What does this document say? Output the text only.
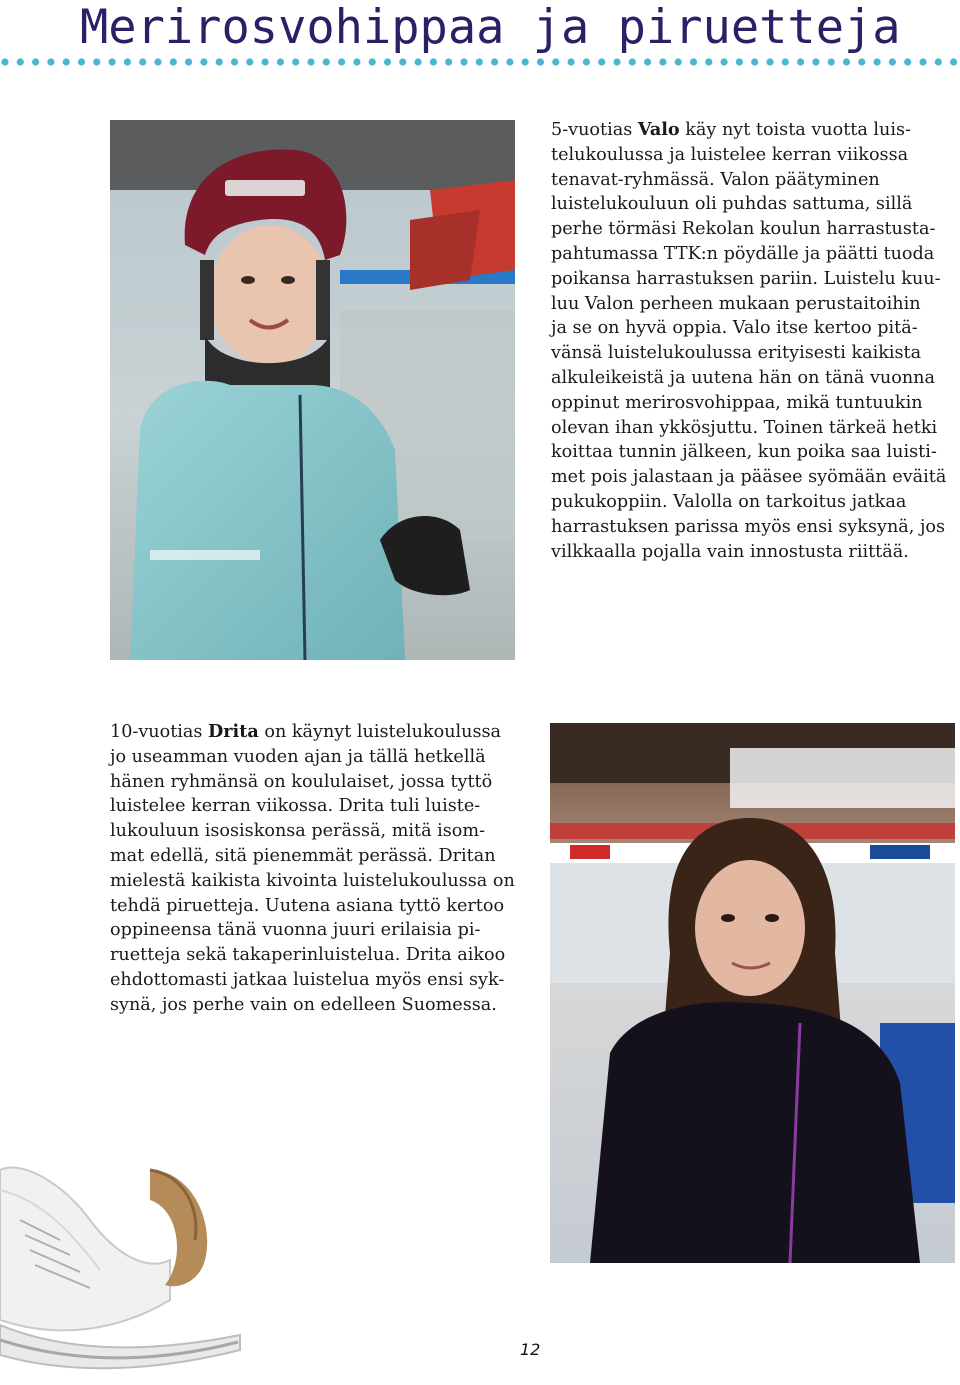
Merirosvohippaa ja piruetteja
5-vuotias Valo käy nyt toista vuotta luis-
telukoulussa ja luistelee kerran viikossa
tenavat-ryhmässä. Valon päätyminen
luistelukouluun oli puhdas sattuma, sillä
perhe törmäsi Rekolan koulun harrastusta-
pahtumassa TTK:n pöydälle ja päätti tuoda
poikansa harrastuksen pariin. Luistelu kuu-
luu Valon perheen mukaan perustaitoihin
ja se on hyvä oppia. Valo itse kertoo pitä-
vänsä luistelukoulussa erityisesti kaikista
alkuleikeistä ja uutena hän on tänä vuonna
oppinut merirosvohippaa, mikä tuntuukin
olevan ihan ykkösjuttu. Toinen tärkeä hetki
koittaa tunnin jälkeen, kun poika saa luisti-
met pois jalastaan ja pääsee syömään eväitä
pukukoppiin. Valolla on tarkoitus jatkaa
harrastuksen parissa myös ensi syksynä, jos
vilkkaalla pojalla vain innostusta riittää.
10-vuotias Drita on käynyt luistelukoulussa
jo useamman vuoden ajan ja tällä hetkellä
hänen ryhmänsä on koululaiset, jossa tyttö
luistelee kerran viikossa. Drita tuli luiste-
lukouluun isosiskonsa perässä, mitä isom-
mat edellä, sitä pienemmät perässä. Dritan
mielestä kaikista kivointa luistelukoulussa on
tehdä piruetteja. Uutena asiana tyttö kertoo
oppineensa tänä vuonna juuri erilaisia pi-
ruetteja sekä takaperinluistelua. Drita aikoo
ehdottomasti jatkaa luistelua myös ensi syk-
synä, jos perhe vain on edelleen Suomessa.
12
